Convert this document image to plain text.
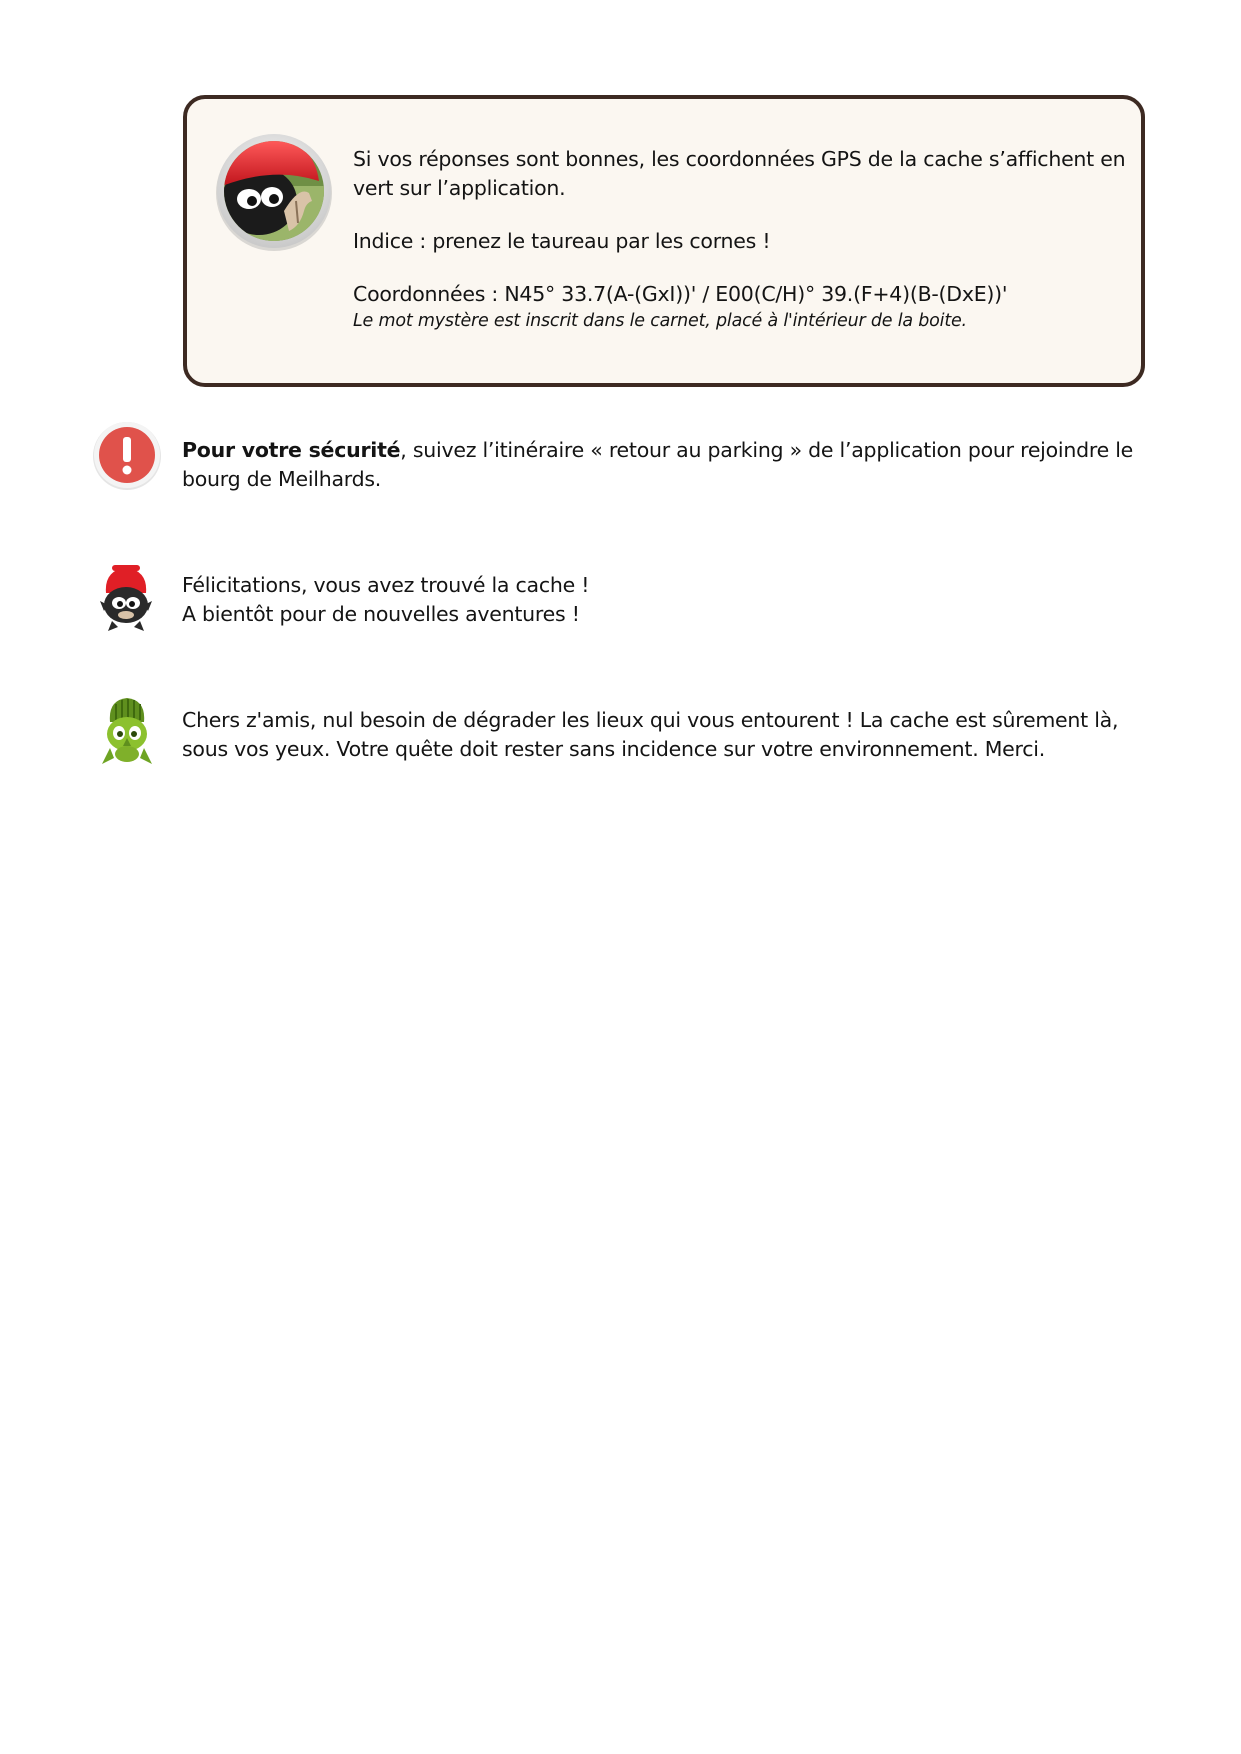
Si vos réponses sont bonnes, les coordonnées GPS de la cache s’affichent en vert sur l’application.

Indice : prenez le taureau par les cornes !

Coordonnées : N45° 33.7(A-(GxI))' / E00(C/H)° 39.(F+4)(B-(DxE))'

Le mot mystère est inscrit dans le carnet, placé à l'intérieur de la boite.

Pour votre sécurité, suivez l’itinéraire « retour au parking » de l’application pour rejoindre le bourg de Meilhards.

Félicitations, vous avez trouvé la cache !

A bientôt pour de nouvelles aventures !

Chers z'amis, nul besoin de dégrader les lieux qui vous entourent ! La cache est sûrement là, sous vos yeux. Votre quête doit rester sans incidence sur votre environnement. Merci.
